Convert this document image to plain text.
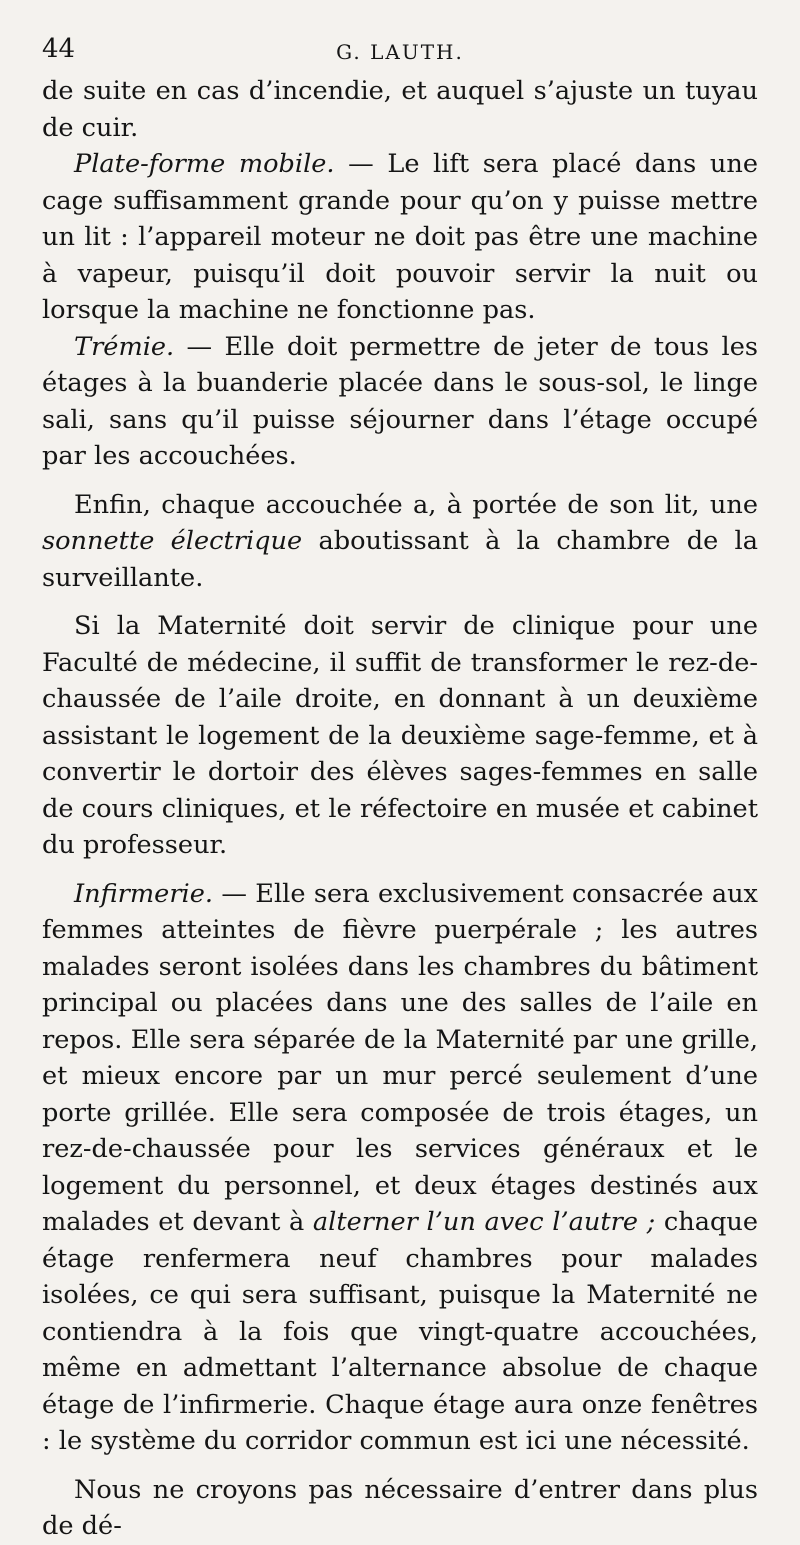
44	G. LAUTH.

de suite en cas d’incendie, et auquel s’ajuste un tuyau de cuir.

Plate-forme mobile. — Le lift sera placé dans une cage suffisamment grande pour qu’on y puisse mettre un lit : l’appareil moteur ne doit pas être une machine à vapeur, puisqu’il doit pouvoir servir la nuit ou lorsque la machine ne fonctionne pas.

Trémie. — Elle doit permettre de jeter de tous les étages à la buanderie placée dans le sous-sol, le linge sali, sans qu’il puisse séjourner dans l’étage occupé par les accouchées.

Enfin, chaque accouchée a, à portée de son lit, une sonnette électrique aboutissant à la chambre de la surveillante.

Si la Maternité doit servir de clinique pour une Faculté de médecine, il suffit de transformer le rez-de-chaussée de l’aile droite, en donnant à un deuxième assistant le logement de la deuxième sage-femme, et à convertir le dortoir des élèves sages-femmes en salle de cours cliniques, et le réfectoire en musée et cabinet du professeur.

Infirmerie. — Elle sera exclusivement consacrée aux femmes atteintes de fièvre puerpérale ; les autres malades seront isolées dans les chambres du bâtiment principal ou placées dans une des salles de l’aile en repos. Elle sera séparée de la Maternité par une grille, et mieux encore par un mur percé seulement d’une porte grillée. Elle sera composée de trois étages, un rez-de-chaussée pour les services généraux et le logement du personnel, et deux étages destinés aux malades et devant à alterner l’un avec l’autre ; chaque étage renfermera neuf chambres pour malades isolées, ce qui sera suffisant, puisque la Maternité ne contiendra à la fois que vingt-quatre accouchées, même en admettant l’alternance absolue de chaque étage de l’infirmerie. Chaque étage aura onze fenêtres : le système du corridor commun est ici une nécessité.

Nous ne croyons pas nécessaire d’entrer dans plus de dé-
